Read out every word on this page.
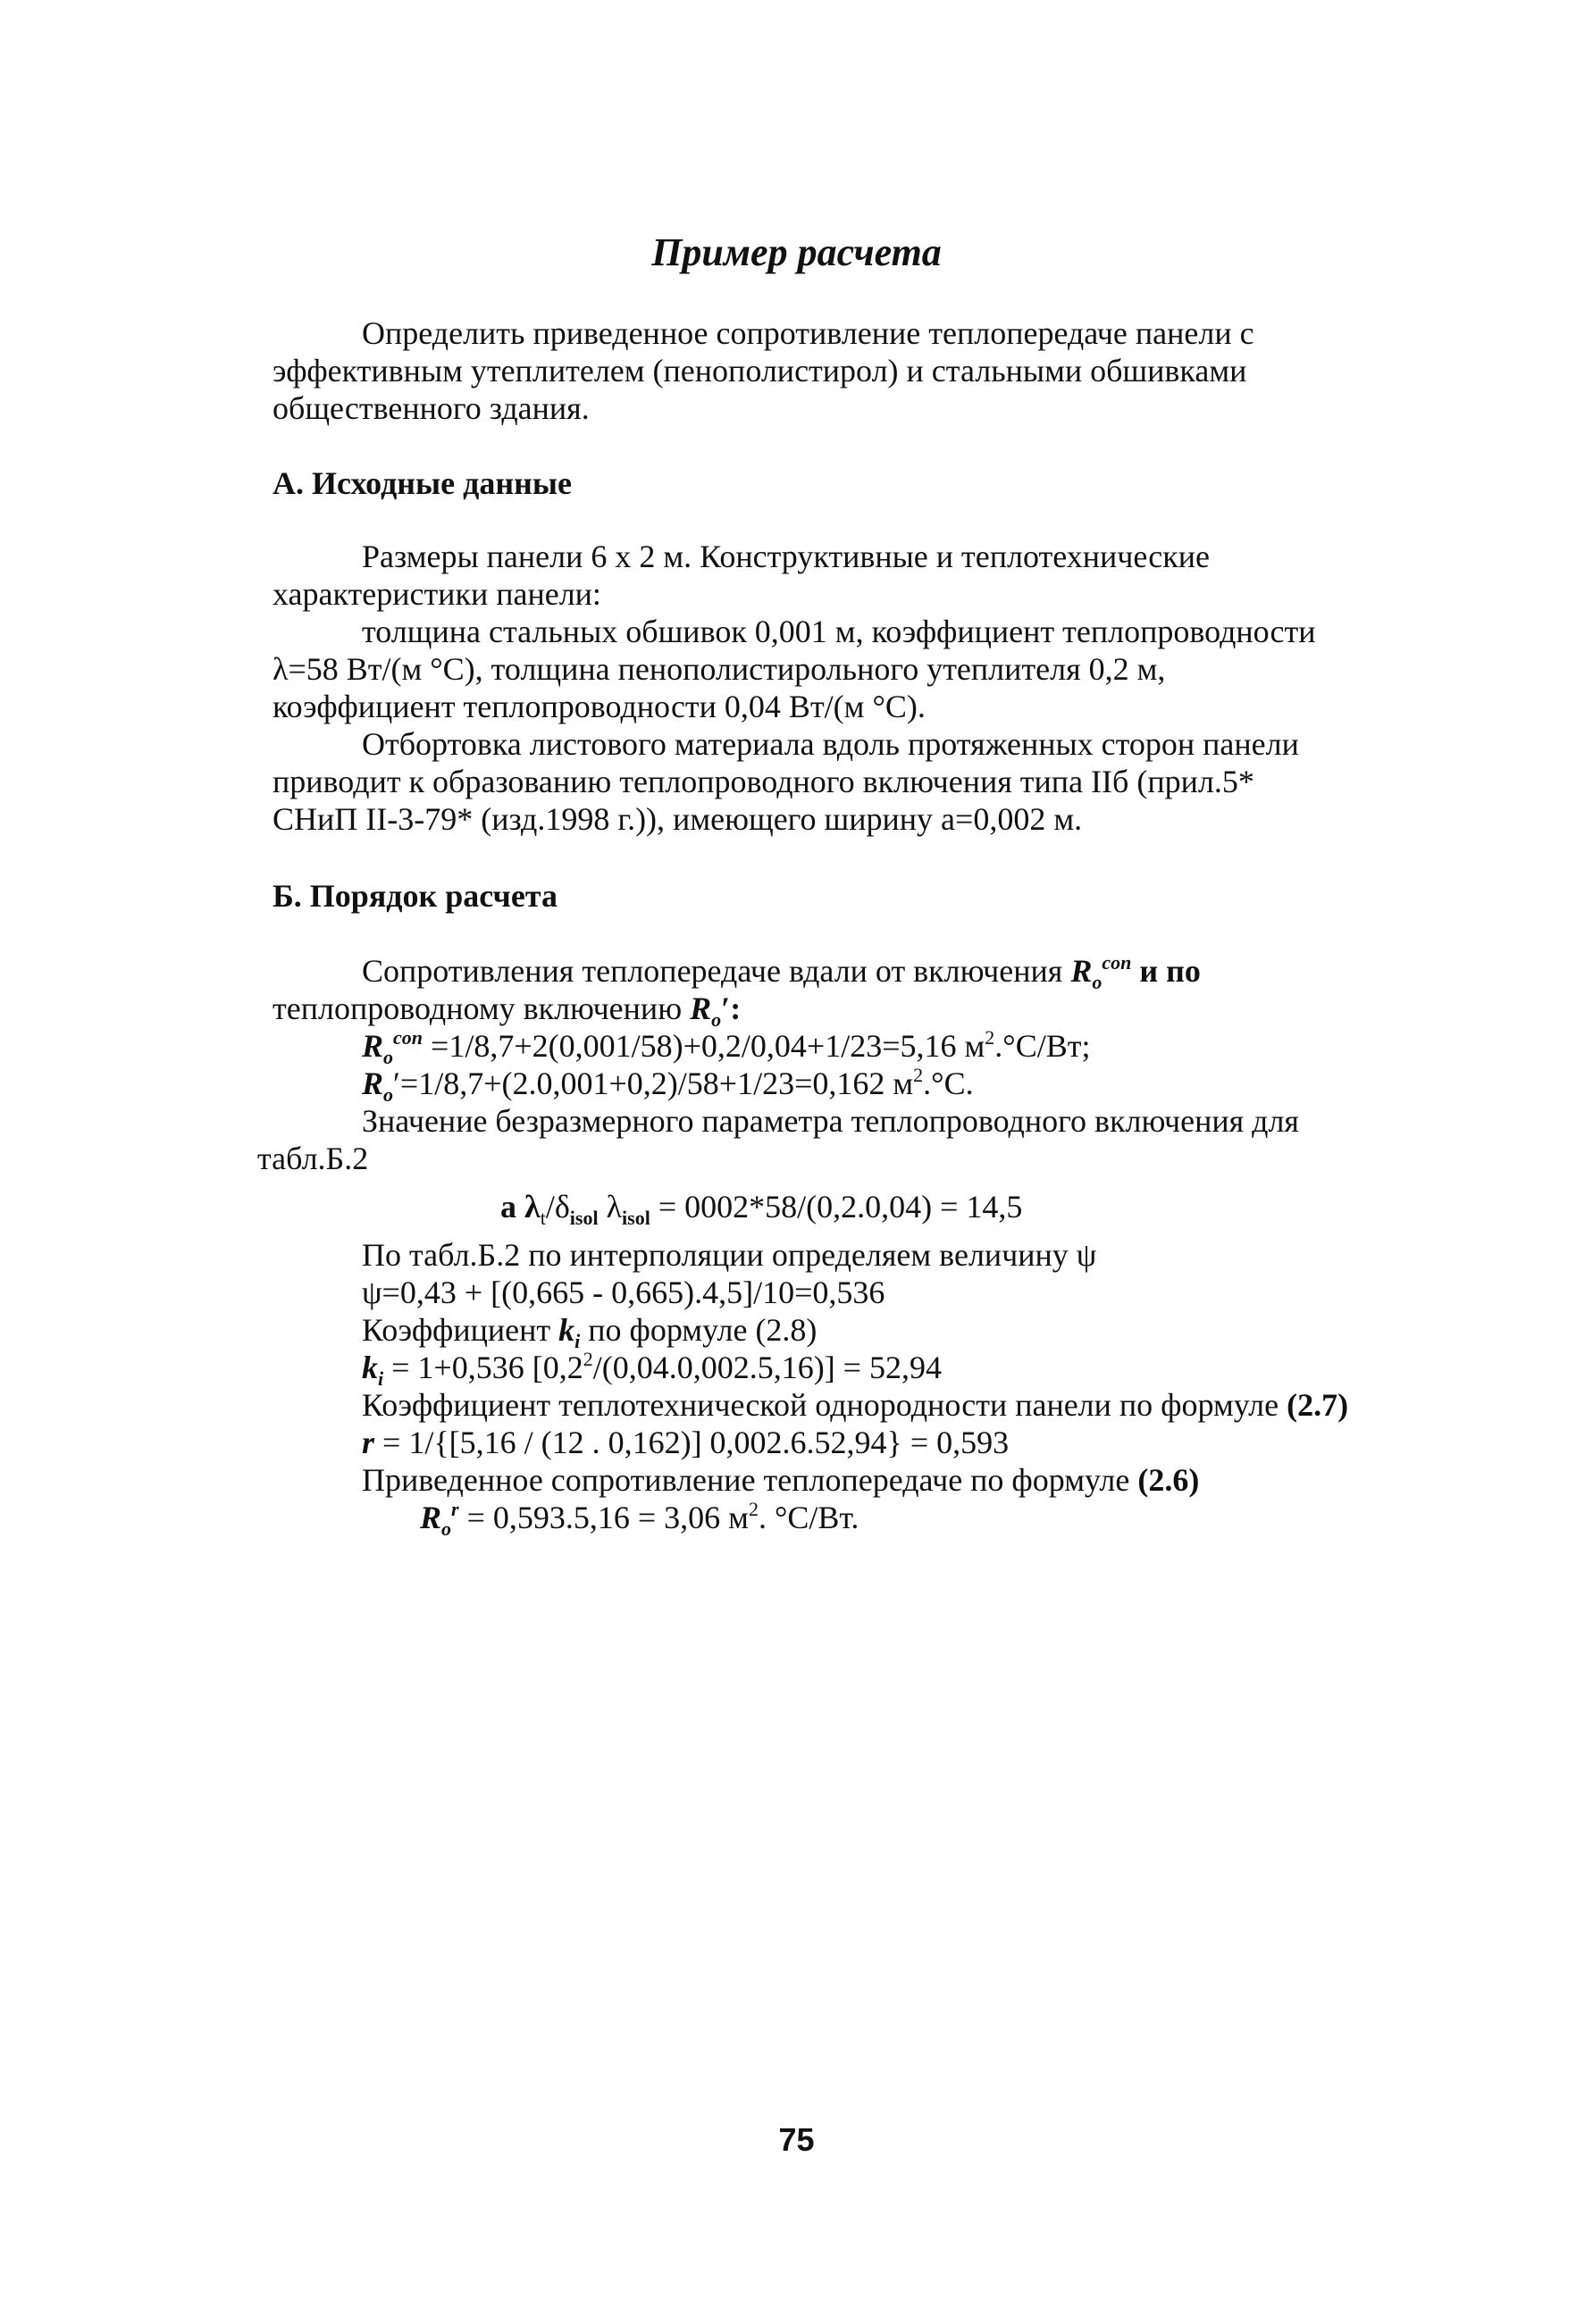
Пример расчета

Определить приведенное сопротивление теплопередаче панели с эффективным утеплителем (пенополистирол) и стальными обшивками общественного здания.

А. Исходные данные

Размеры панели 6 х 2 м. Конструктивные и теплотехнические характеристики панели:

толщина стальных обшивок 0,001 м, коэффициент теплопроводности λ=58 Вт/(м °С), толщина пенополистирольного утеплителя 0,2 м, коэффициент теплопроводности 0,04 Вт/(м °С).

Отбортовка листового материала вдоль протяженных сторон панели приводит к образованию теплопроводного включения типа IIб (прил.5* СНиП II-3-79* (изд.1998 г.)), имеющего ширину а=0,002 м.

Б. Порядок расчета
Сопротивления теплопередаче вдали от включения $R_o^{con}$ и по
теплопроводному включению $R_o'$:
$R_o^{con} =1/8,7+2(0,001/58)+0,2/0,04+1/23=5,16$ $м^2.^\circ С/Вт$;
$R_o'=1/8,7+(2.0,001+0,2)/58+1/23=0,162$ $м^2.^\circ С$.
Значение безразмерного параметра теплопроводного включения для
табл.Б.2
а $\lambda_t/\delta_{isol}$ $\lambda_{isol} = 0002*58/(0,2.0,04) = 14,5$
По табл.Б.2 по интерполяции определяем величину ψ
ψ=0,43 + [(0,665 - 0,665).4,5]/10=0,536
Коэффициент $k_i$ по формуле (2.8)
$k_i = 1+0,536$ $[0,2^2/(0,04.0,002.5,16)] = 52,94$
Коэффициент теплотехнической однородности панели по формуле (2.7)
r = 1/{[5,16 / (12 . 0,162)] 0,002.6.52,94} = 0,593
Приведенное сопротивление теплопередаче по формуле (2.6)
$R_o^r = 0,593.5,16 = 3,06$ $м^2$. °С/Вт.
75
